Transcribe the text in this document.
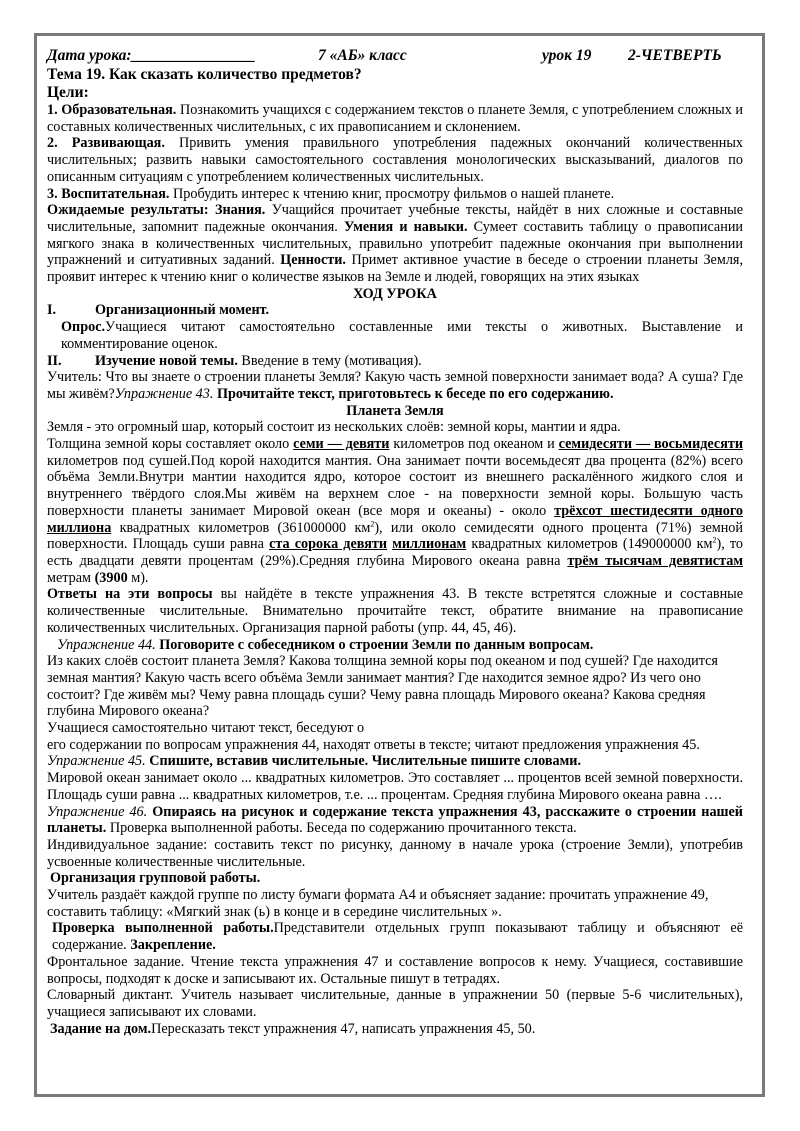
Дата урока:________________	7 «АБ» класс	урок 19 2-ЧЕТВЕРТЬ

Тема 19. Как сказать количество предметов?

Цели:

1. Образовательная. Познакомить учащихся с содержанием текстов о планете Земля, с употреблением сложных и составных количественных числительных, с их правописанием и склонением.

2. Развивающая. Привить умения правильного употребления падежных окончаний количественных числительных; развить навыки самостоятельного составления монологических высказываний, диалогов по описанным ситуациям с употреблением количественных числительных.

3. Воспитательная. Пробудить интерес к чтению книг, просмотру фильмов о нашей планете.

Ожидаемые результаты: Знания. Учащийся прочитает учебные тексты, найдёт в них сложные и составные числительные, запомнит падежные окончания. Умения и навыки. Сумеет составить таблицу о правописании мягкого знака в количественных числительных, правильно употребит падежные окончания при выполнении упражнений и ситуативных заданий. Ценности. Примет активное участие в беседе о строении планеты Земля, проявит интерес к чтению книг о количестве языков на Земле и людей, говорящих на этих языках

ХОД УРОКА

I.	Организационный момент.

Опрос.Учащиеся читают самостоятельно составленные ими тексты о животных. Выставление и комментирование оценок.

II. Изучение новой темы. Введение в тему (мотивация).

Учитель: Что вы знаете о строении планеты Земля? Какую часть земной поверхности занимает вода? А суша? Где мы живём?Упражнение 43. Прочитайте текст, приготовьтесь к беседе по его содержанию.

Планета Земля

Земля - это огромный шар, который состоит из нескольких слоёв: земной коры, мантии и ядра.

Толщина земной коры составляет около семи — девяти километров под океаном и семидесяти — восьмидесяти километров под сушей.Под корой находится мантия. Она занимает почти восемьдесят два процента (82%) всего объёма Земли.Внутри мантии находится ядро, которое состоит из внешнего раскалённого жидкого слоя и внутреннего твёрдого слоя.Мы живём на верхнем слое - на поверхности земной коры. Большую часть поверхности планеты занимает Мировой океан (все моря и океаны) - около трёхсот шестидесяти одного миллиона квадратных километров (361000000 $км^2$), или около семидесяти одного процента (71%) земной поверхности. Площадь суши равна ста сорока девяти миллионам квадратных километров (149000000 $км^2$), то есть двадцати девяти процентам (29%).Средняя глубина Мирового океана равна трём тысячам девятистам метрам (3900 м).

Ответы на эти вопросы вы найдёте в тексте упражнения 43. В тексте встретятся сложные и составные количественные числительные. Внимательно прочитайте текст, обратите внимание на правописание количественных числительных. Организация парной работы (упр. 44, 45, 46).

Упражнение 44. Поговорите с собеседником о строении Земли по данным вопросам.

Из каких слоёв состоит планета Земля? Какова толщина земной коры под океаном и под сушей? Где находится земная мантия? Какую часть всего объёма Земли занимает мантия? Где находится земное ядро? Из чего оно состоит? Где живём мы? Чему равна площадь суши? Чему равна площадь Мирового океана? Какова средняя глубина Мирового океана?

Учащиеся самостоятельно читают текст, беседуют о

его содержании по вопросам упражнения 44, находят ответы в тексте; читают предложения упражнения 45.

Упражнение 45. Спишите, вставив числительные. Числительные пишите словами.

Мировой океан занимает около ... квадратных километров. Это составляет ... процентов всей земной поверхности. Площадь суши равна ... квадратных километров, т.е. ... процентам. Средняя глубина Мирового океана равна ….

Упражнение 46. Опираясь на рисунок и содержание текста упражнения 43, расскажите о строении нашей планеты. Проверка выполненной работы. Беседа по содержанию прочитанного текста.

Индивидуальное задание: составить текст по рисунку, данному в начале урока (строение Земли), употребив усвоенные количественные числительные.

Организация групповой работы.

Учитель раздаёт каждой группе по листу бумаги формата А4 и объясняет задание: прочитать упражнение 49, составить таблицу: «Мягкий знак (ь) в конце и в середине числительных ».

Проверка выполненной работы.Представители отдельных групп показывают таблицу и объясняют её содержание. Закрепление.

Фронтальное задание. Чтение текста упражнения 47 и составление вопросов к нему. Учащиеся, составившие вопросы, подходят к доске и записывают их. Остальные пишут в тетрадях.

Словарный диктант. Учитель называет числительные, данные в упражнении 50 (первые 5-6 числительных), учащиеся записывают их словами.

Задание на дом.Пересказать текст упражнения 47, написать упражнения 45, 50.
